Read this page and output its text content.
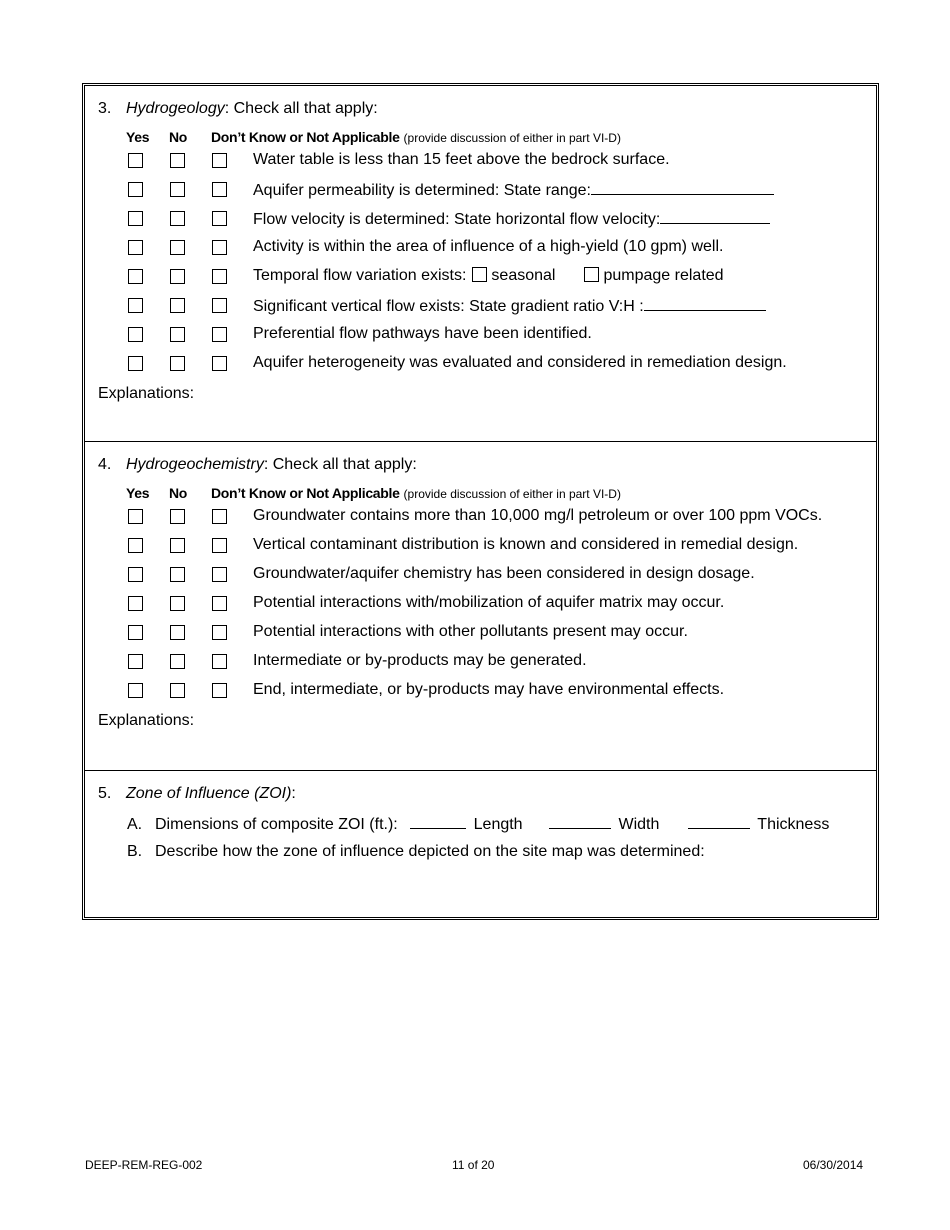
3. Hydrogeology: Check all that apply:
Yes No Don’t Know or Not Applicable (provide discussion of either in part VI-D)
Water table is less than 15 feet above the bedrock surface.
Aquifer permeability is determined: State range:
Flow velocity is determined: State horizontal flow velocity:
Activity is within the area of influence of a high-yield (10 gpm) well.
Temporal flow variation exists: seasonal	pumpage related
Significant vertical flow exists: State gradient ratio V:H :
Preferential flow pathways have been identified.
Aquifer heterogeneity was evaluated and considered in remediation design.
Explanations:
4. Hydrogeochemistry: Check all that apply:
Yes No Don’t Know or Not Applicable (provide discussion of either in part VI-D)
Groundwater contains more than 10,000 mg/l petroleum or over 100 ppm VOCs.
Vertical contaminant distribution is known and considered in remedial design.
Groundwater/aquifer chemistry has been considered in design dosage.
Potential interactions with/mobilization of aquifer matrix may occur.
Potential interactions with other pollutants present may occur.
Intermediate or by-products may be generated.
End, intermediate, or by-products may have environmental effects.
Explanations:
5. Zone of Influence (ZOI):
A. Dimensions of composite ZOI (ft.):	Length	Width	Thickness
B. Describe how the zone of influence depicted on the site map was determined:
DEEP-REM-REG-002	11 of 20	06/30/2014
